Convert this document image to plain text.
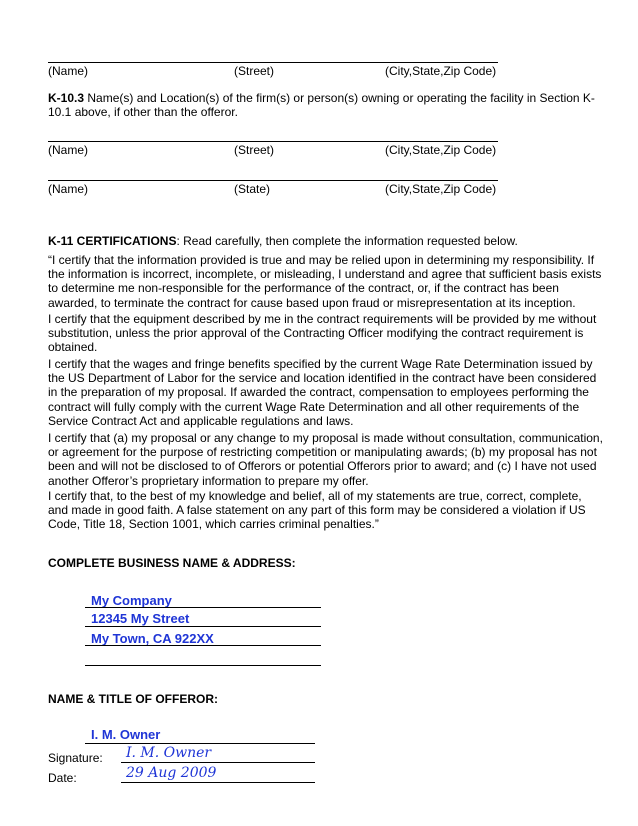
(Name)	(Street)	(City,State,Zip Code)
K-10.3 Name(s) and Location(s) of the firm(s) or person(s) owning or operating the facility in Section K-10.1 above, if other than the offeror.
(Name)	(Street)	(City,State,Zip Code)
(Name)	(State)	(City,State,Zip Code)
K-11 CERTIFICATIONS: Read carefully, then complete the information requested below.
“I certify that the information provided is true and may be relied upon in determining my responsibility. If the information is incorrect, incomplete, or misleading, I understand and agree that sufficient basis exists to determine me non-responsible for the performance of the contract, or, if the contract has been awarded, to terminate the contract for cause based upon fraud or misrepresentation at its inception.
I certify that the equipment described by me in the contract requirements will be provided by me without substitution, unless the prior approval of the Contracting Officer modifying the contract requirement is obtained.
I certify that the wages and fringe benefits specified by the current Wage Rate Determination issued by the US Department of Labor for the service and location identified in the contract have been considered in the preparation of my proposal. If awarded the contract, compensation to employees performing the contract will fully comply with the current Wage Rate Determination and all other requirements of the Service Contract Act and applicable regulations and laws.
I certify that (a) my proposal or any change to my proposal is made without consultation, communication, or agreement for the purpose of restricting competition or manipulating awards; (b) my proposal has not been and will not be disclosed to of Offerors or potential Offerors prior to award; and (c) I have not used another Offeror’s proprietary information to prepare my offer.
I certify that, to the best of my knowledge and belief, all of my statements are true, correct, complete, and made in good faith. A false statement on any part of this form may be considered a violation if US Code, Title 18, Section 1001, which carries criminal penalties.”
COMPLETE BUSINESS NAME & ADDRESS:
My Company
12345 My Street
My Town, CA 922XX
NAME & TITLE OF OFFEROR:
I. M. Owner
Signature: I. M. Owner
Date:	29 Aug 2009
